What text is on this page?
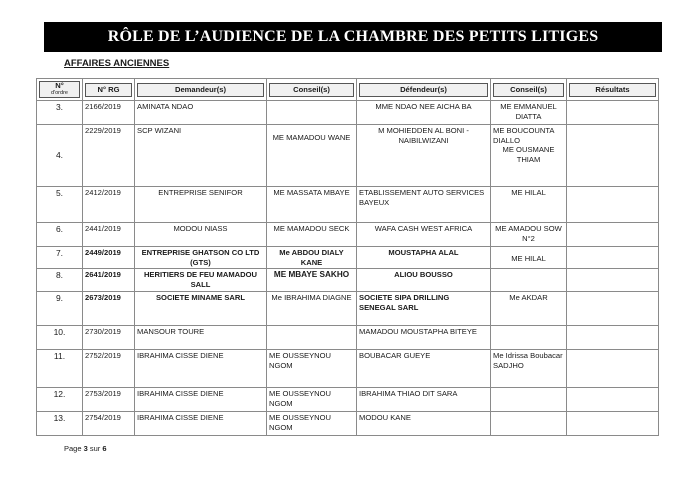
RÔLE DE L’AUDIENCE DE LA CHAMBRE DES PETITS LITIGES
AFFAIRES ANCIENNES
N°
d'ordre	N° RG	Demandeur(s)	Conseil(s)	Défendeur(s)	Conseil(s)	Résultats

3.	2166/2019	AMINATA NDAO		MME NDAO NEE AICHA BA	ME EMMANUEL DIATTA	
4.	2229/2019	SCP WIZANI	ME MAMADOU WANE	M MOHIEDDEN AL BONI - NAIBILWIZANI	ME BOUCOUNTA DIALLO
ME OUSMANE THIAM	

5.	2412/2019	ENTREPRISE SENIFOR	ME MASSATA MBAYE	ETABLISSEMENT AUTO SERVICES BAYEUX	ME HILAL	
6.	2441/2019	MODOU NIASS	ME MAMADOU SECK	WAFA CASH WEST AFRICA	ME AMADOU SOW N°2	
7.	2449/2019	ENTREPRISE GHATSON CO LTD (GTS)	Me ABDOU DIALY KANE	MOUSTAPHA ALAL	ME HILAL	
8.	2641/2019	HERITIERS DE FEU MAMADOU SALL	ME MBAYE SAKHO	ALIOU BOUSSO		
9.	2673/2019	SOCIETE MINAME SARL	Me IBRAHIMA DIAGNE	SOCIETE SIPA DRILLING SENEGAL SARL	Me AKDAR	
10.	2730/2019	MANSOUR TOURE		MAMADOU MOUSTAPHA BITEYE		
11.	2752/2019	IBRAHIMA CISSE DIENE	ME OUSSEYNOU NGOM	BOUBACAR GUEYE	Me Idrissa Boubacar SADJHO	
12.	2753/2019	IBRAHIMA CISSE DIENE	ME OUSSEYNOU NGOM	IBRAHIMA THIAO DIT SARA		
13.	2754/2019	IBRAHIMA CISSE DIENE	ME OUSSEYNOU NGOM	MODOU KANE		
Page 3 sur 6
